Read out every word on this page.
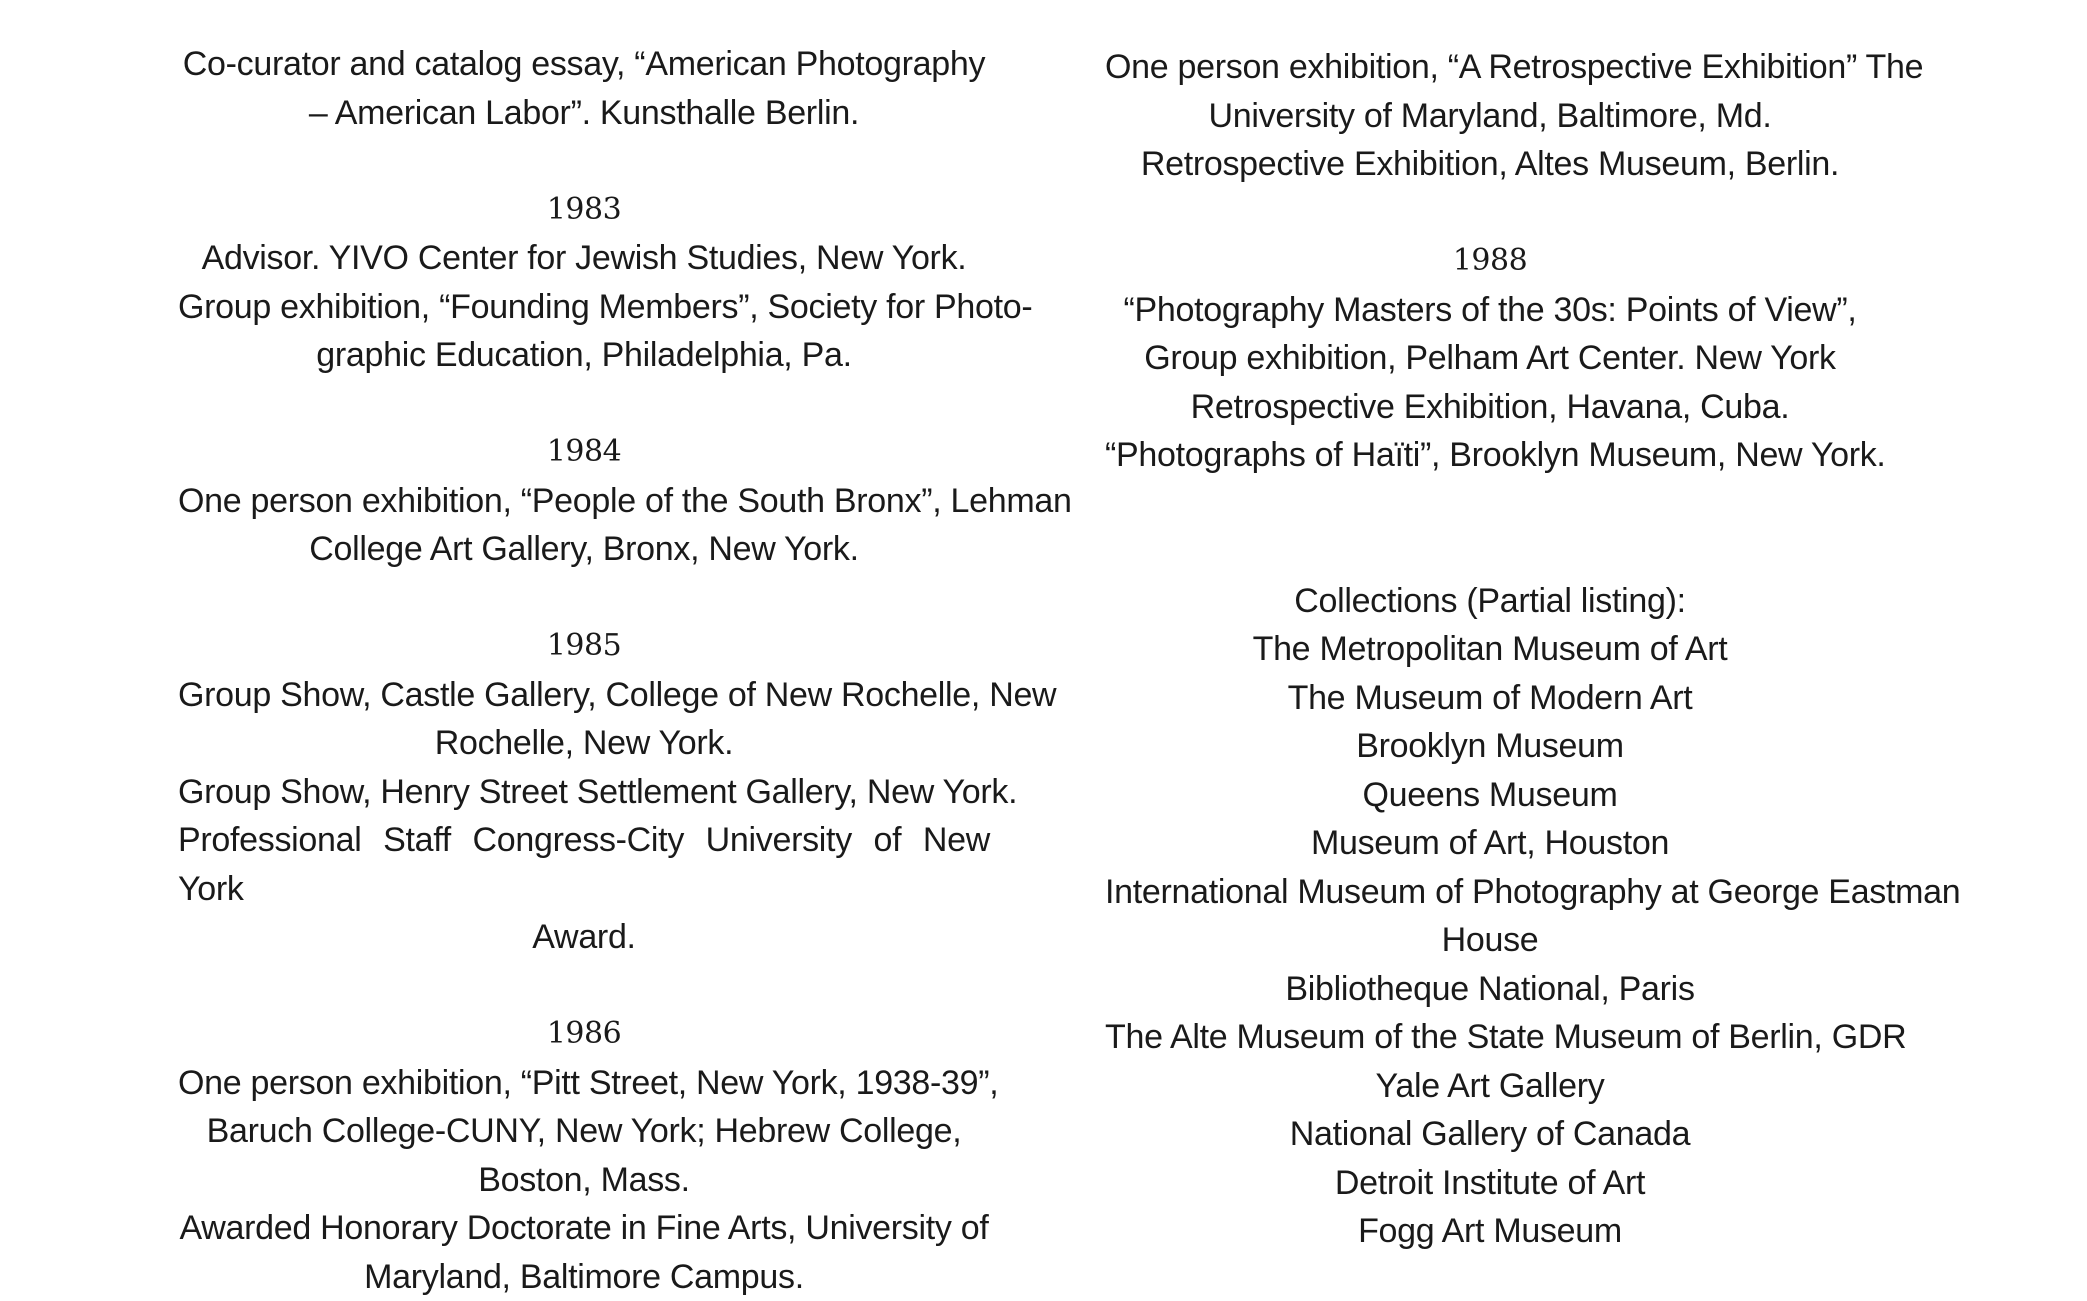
Co-curator and catalog essay, “American Photography
– American Labor”. Kunsthalle Berlin.
1983
Advisor. YIVO Center for Jewish Studies, New York.
Group exhibition, “Founding Members”, Society for Photo-
graphic Education, Philadelphia, Pa.
1984
One person exhibition, “People of the South Bronx”, Lehman
College Art Gallery, Bronx, New York.
1985
Group Show, Castle Gallery, College of New Rochelle, New
Rochelle, New York.
Group Show, Henry Street Settlement Gallery, New York.
Professional Staff Congress-City University of New York
Award.
1986
One person exhibition, “Pitt Street, New York, 1938-39”,
Baruch College-CUNY, New York; Hebrew College,
Boston, Mass.
Awarded Honorary Doctorate in Fine Arts, University of
Maryland, Baltimore Campus.
One person exhibition, “A Retrospective Exhibition” The
University of Maryland, Baltimore, Md.
Retrospective Exhibition, Altes Museum, Berlin.
1988
“Photography Masters of the 30s: Points of View”,
Group exhibition, Pelham Art Center. New York
Retrospective Exhibition, Havana, Cuba.
“Photographs of Haïti”, Brooklyn Museum, New York.
Collections (Partial listing):
The Metropolitan Museum of Art
The Museum of Modern Art
Brooklyn Museum
Queens Museum
Museum of Art, Houston
International Museum of Photography at George Eastman
House
Bibliotheque National, Paris
The Alte Museum of the State Museum of Berlin, GDR
Yale Art Gallery
National Gallery of Canada
Detroit Institute of Art
Fogg Art Museum
